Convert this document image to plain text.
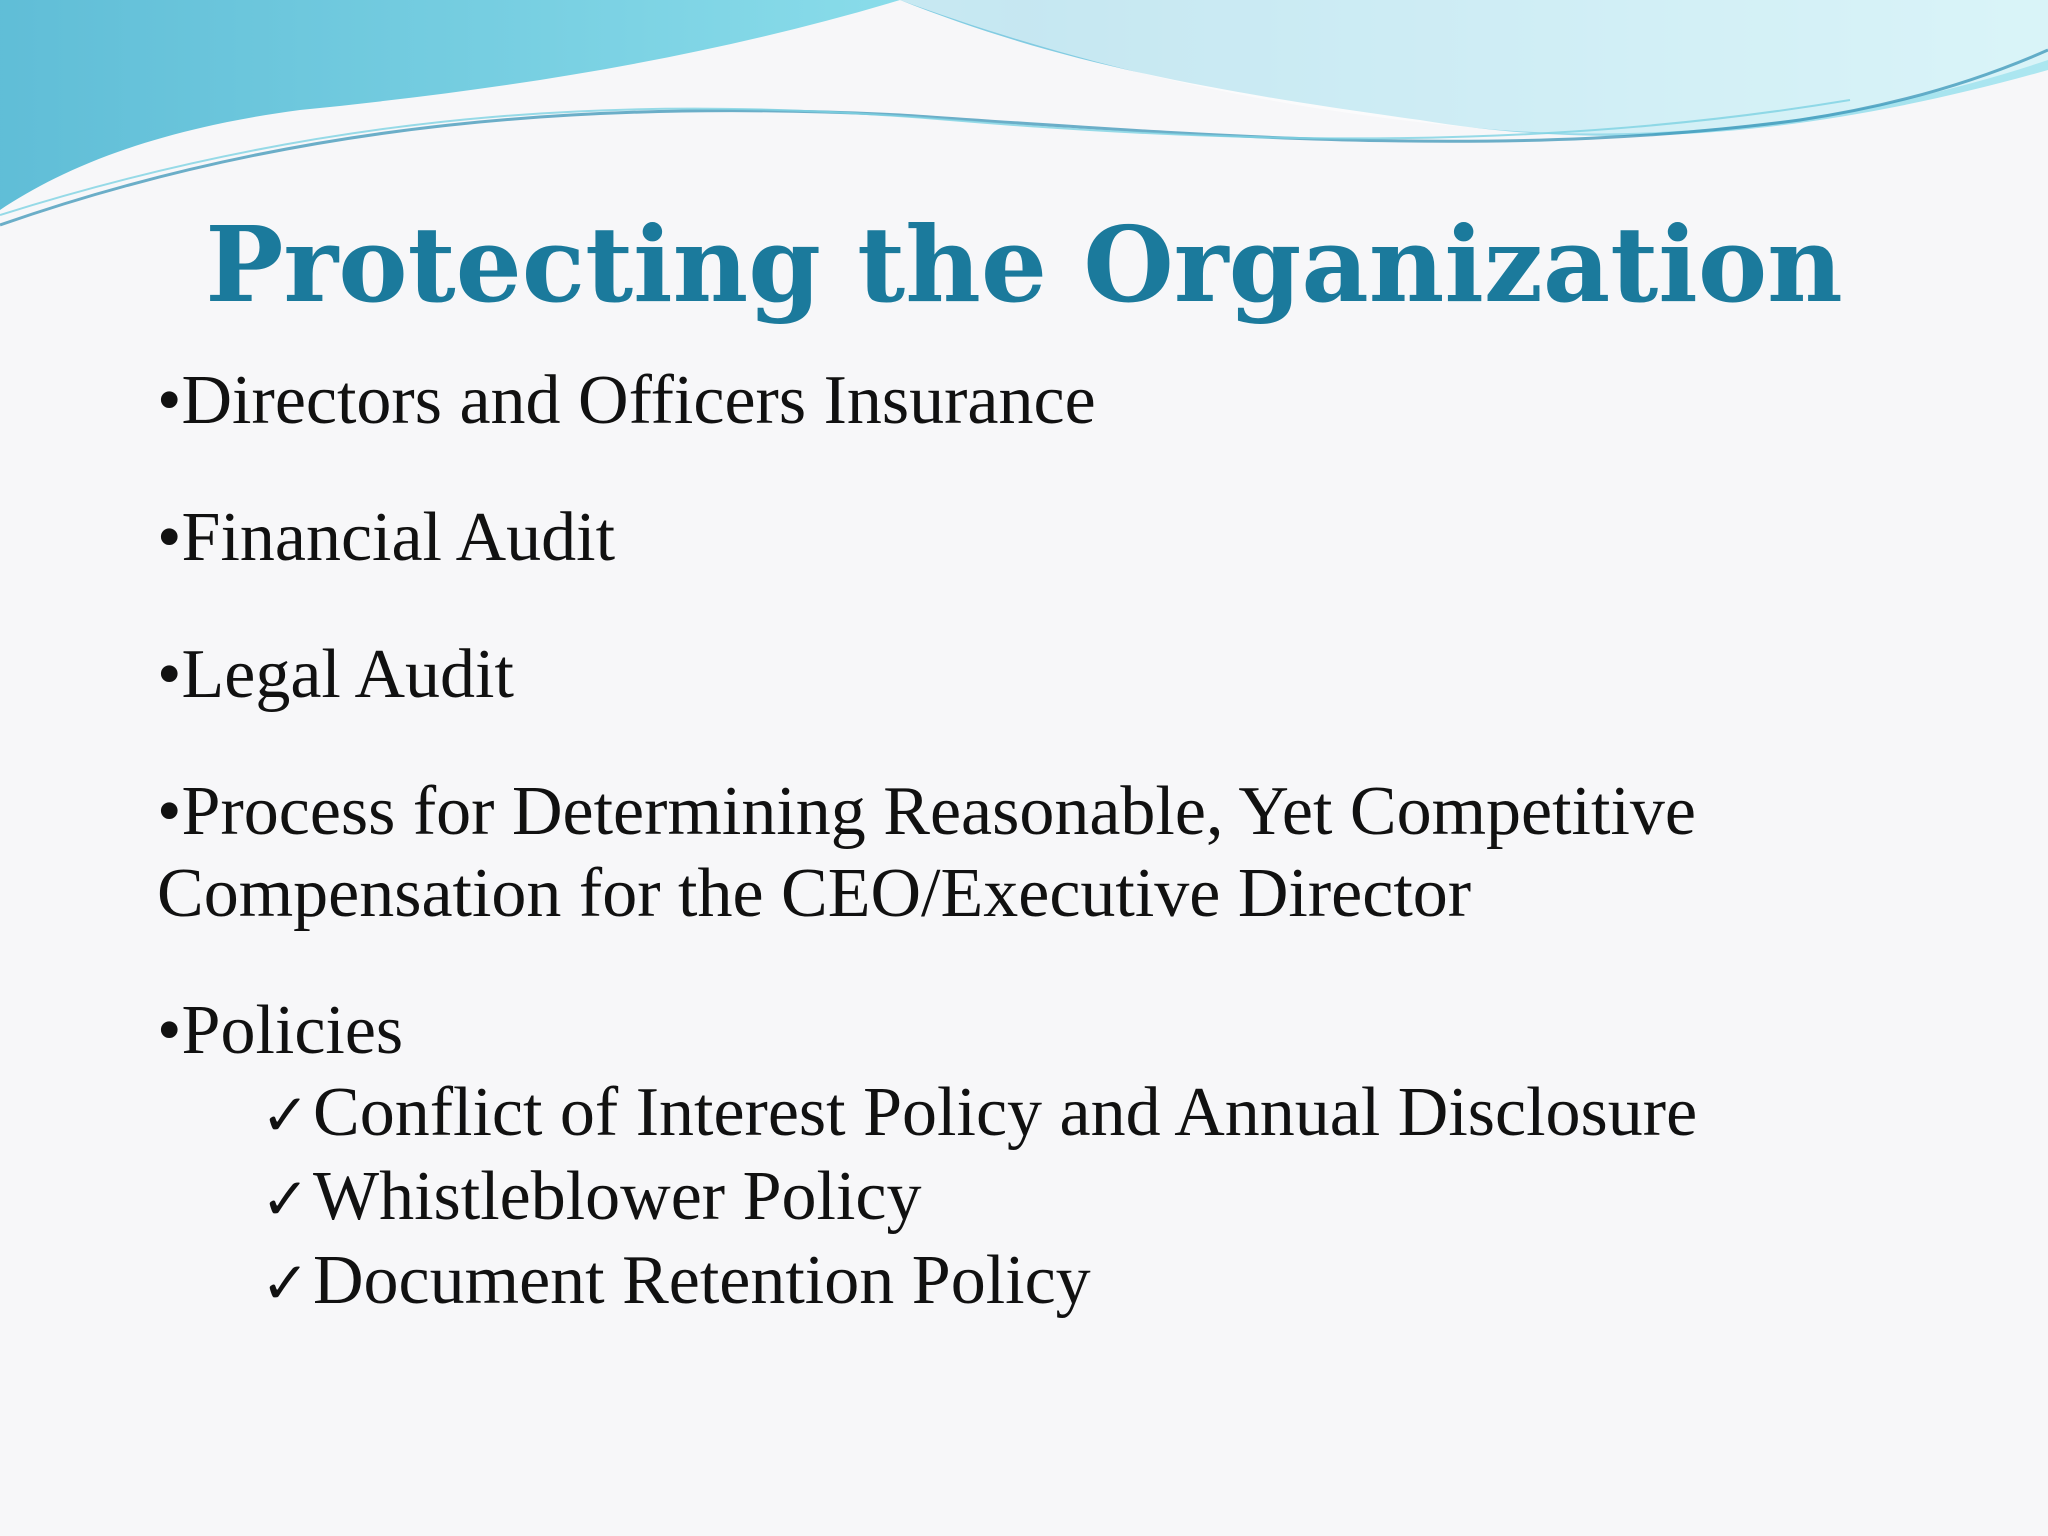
Protecting the Organization

•Directors and Officers Insurance

•Financial Audit

•Legal Audit

•Process for Determining Reasonable, Yet Competitive Compensation for the CEO/Executive Director

•Policies

✓Conflict of Interest Policy and Annual Disclosure
✓Whistleblower Policy
✓Document Retention Policy
